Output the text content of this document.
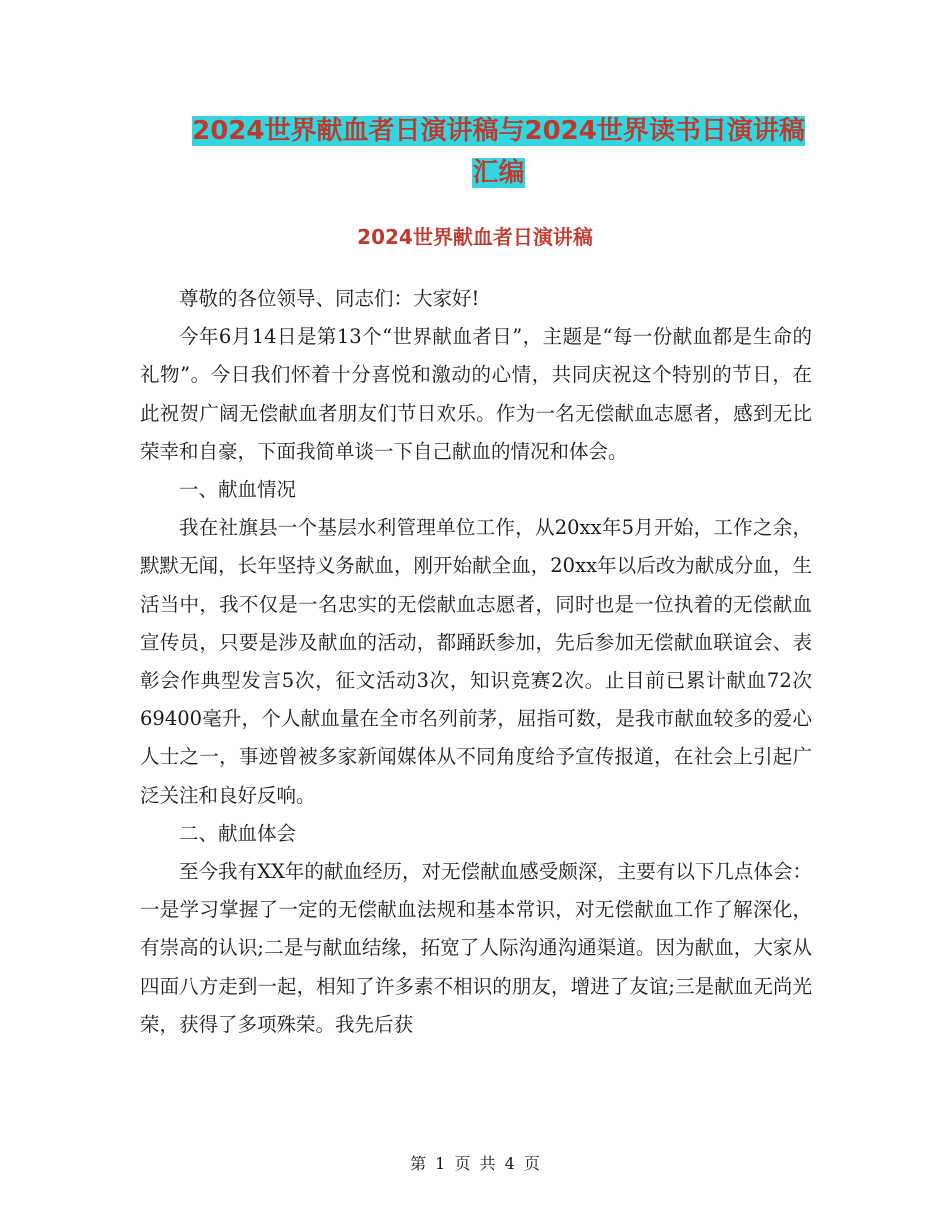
2024世界献血者日演讲稿与2024世界读书日演讲稿汇编
2024世界献血者日演讲稿

尊敬的各位领导、同志们：大家好!

今年6月14日是第13个“世界献血者日”，主题是“每一份献血都是生命的礼物”。今日我们怀着十分喜悦和激动的心情，共同庆祝这个特别的节日，在此祝贺广阔无偿献血者朋友们节日欢乐。作为一名无偿献血志愿者，感到无比荣幸和自豪，下面我简单谈一下自己献血的情况和体会。

一、献血情况

我在社旗县一个基层水利管理单位工作，从20xx年5月开始，工作之余，默默无闻，长年坚持义务献血，刚开始献全血，20xx年以后改为献成分血，生活当中，我不仅是一名忠实的无偿献血志愿者，同时也是一位执着的无偿献血宣传员，只要是涉及献血的活动，都踊跃参加，先后参加无偿献血联谊会、表彰会作典型发言5次，征文活动3次，知识竞赛2次。止目前已累计献血72次69400毫升，个人献血量在全市名列前茅，屈指可数，是我市献血较多的爱心人士之一，事迹曾被多家新闻媒体从不同角度给予宣传报道，在社会上引起广泛关注和良好反响。

二、献血体会

至今我有XX年的献血经历，对无偿献血感受颇深，主要有以下几点体会：一是学习掌握了一定的无偿献血法规和基本常识，对无偿献血工作了解深化，有崇高的认识;二是与献血结缘，拓宽了人际沟通沟通渠道。因为献血，大家从四面八方走到一起，相知了许多素不相识的朋友，增进了友谊;三是献血无尚光荣，获得了多项殊荣。我先后获

第 1 页 共 4 页
